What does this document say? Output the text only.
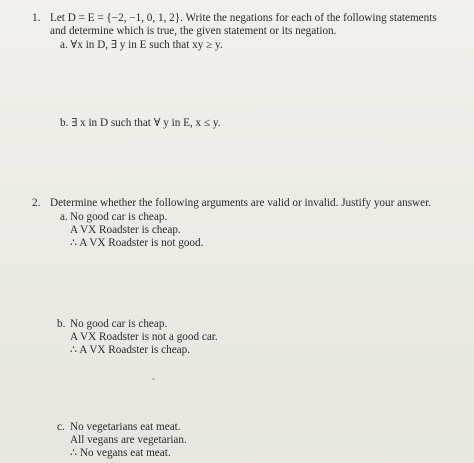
1. Let D = E = {−2, −1, 0, 1, 2}. Write the negations for each of the following statements
and determine which is true, the given statement or its negation.
a. ∀x in D, ∃ y in E such that xy ≥ y.
b. ∃ x in D such that ∀ y in E, x ≤ y.
2. Determine whether the following arguments are valid or invalid. Justify your answer.
a. No good car is cheap.
A VX Roadster is cheap.
∴ A VX Roadster is not good.
b. No good car is cheap.
A VX Roadster is not a good car.
∴ A VX Roadster is cheap.
c. No vegetarians eat meat.
All vegans are vegetarian.
∴ No vegans eat meat.
